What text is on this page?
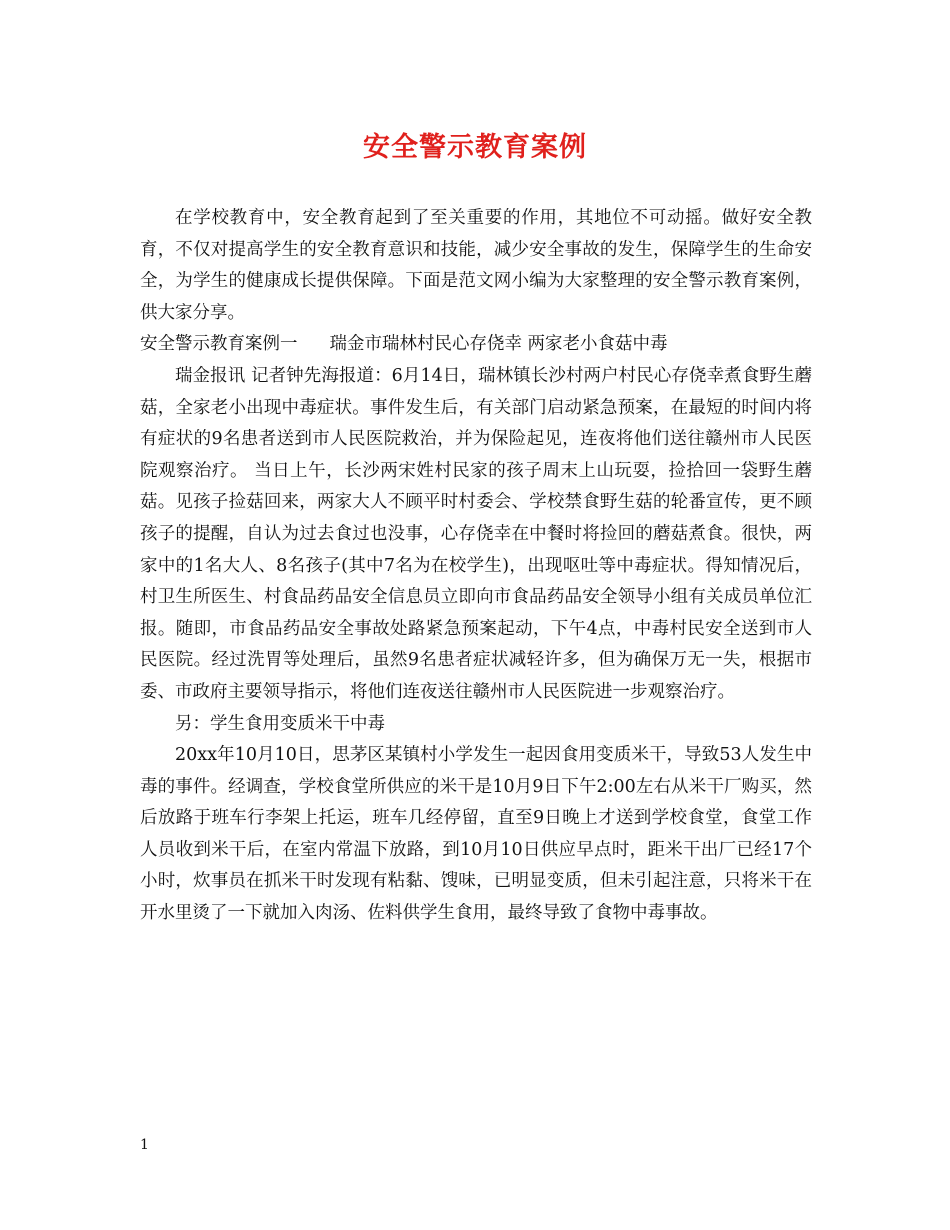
安全警示教育案例

在学校教育中，安全教育起到了至关重要的作用，其地位不可动摇。做好安全教育，不仅对提高学生的安全教育意识和技能，减少安全事故的发生，保障学生的生命安全，为学生的健康成长提供保障。下面是范文网小编为大家整理的安全警示教育案例，供大家分享。

安全警示教育案例一 瑞金市瑞林村民心存侥幸 两家老小食菇中毒

瑞金报讯 记者钟先海报道：6月14日，瑞林镇长沙村两户村民心存侥幸煮食野生蘑菇，全家老小出现中毒症状。事件发生后，有关部门启动紧急预案，在最短的时间内将有症状的9名患者送到市人民医院救治，并为保险起见，连夜将他们送往赣州市人民医院观察治疗。 当日上午，长沙两宋姓村民家的孩子周末上山玩耍，捡拾回一袋野生蘑菇。见孩子捡菇回来，两家大人不顾平时村委会、学校禁食野生菇的轮番宣传，更不顾孩子的提醒，自认为过去食过也没事，心存侥幸在中餐时将捡回的蘑菇煮食。很快，两家中的1名大人、8名孩子(其中7名为在校学生)，出现呕吐等中毒症状。得知情况后，村卫生所医生、村食品药品安全信息员立即向市食品药品安全领导小组有关成员单位汇报。随即，市食品药品安全事故处路紧急预案起动，下午4点，中毒村民安全送到市人民医院。经过洗胃等处理后，虽然9名患者症状减轻许多，但为确保万无一失，根据市委、市政府主要领导指示，将他们连夜送往赣州市人民医院进一步观察治疗。

另：学生食用变质米干中毒

20xx年10月10日，思茅区某镇村小学发生一起因食用变质米干，导致53人发生中毒的事件。经调查，学校食堂所供应的米干是10月9日下午2:00左右从米干厂购买，然后放路于班车行李架上托运，班车几经停留，直至9日晚上才送到学校食堂，食堂工作人员收到米干后，在室内常温下放路，到10月10日供应早点时，距米干出厂已经17个小时，炊事员在抓米干时发现有粘黏、馊味，已明显变质，但未引起注意，只将米干在开水里烫了一下就加入肉汤、佐料供学生食用，最终导致了食物中毒事故。

1
